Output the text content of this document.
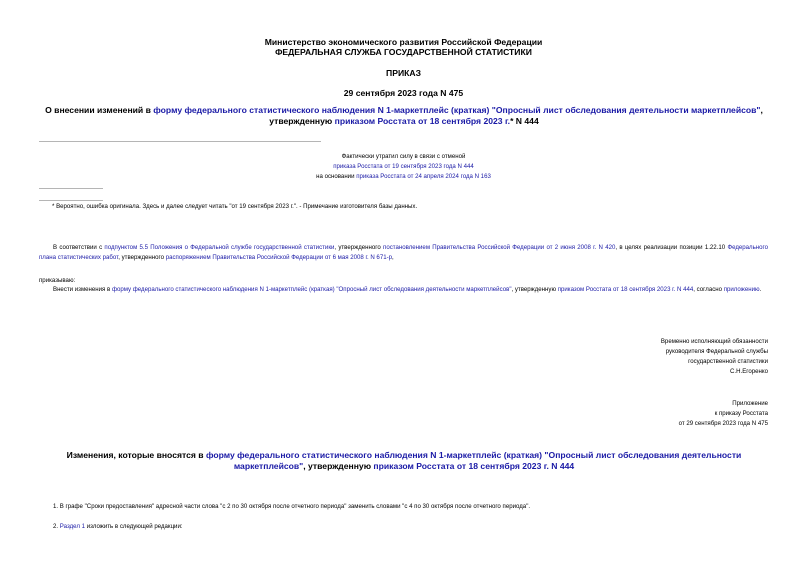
Министерство экономического развития Российской Федерации
ФЕДЕРАЛЬНАЯ СЛУЖБА ГОСУДАРСТВЕННОЙ СТАТИСТИКИ
ПРИКАЗ
29 сентября 2023 года N 475
О внесении изменений в форму федерального статистического наблюдения N 1-маркетплейс (краткая) "Опросный лист обследования деятельности маркетплейсов", утвержденную приказом Росстата от 18 сентября 2023 г.* N 444
Фактически утратил силу в связи с отменой
приказа Росстата от 19 сентября 2023 года N 444
на основании приказа Росстата от 24 апреля 2024 года N 163
* Вероятно, ошибка оригинала. Здесь и далее следует читать "от 19 сентября 2023 г.". - Примечание изготовителя базы данных.
В соответствии с подпунктом 5.5 Положения о Федеральной службе государственной статистики, утвержденного постановлением Правительства Российской Федерации от 2 июня 2008 г. N 420, в целях реализации позиции 1.22.10 Федерального плана статистических работ, утвержденного распоряжением Правительства Российской Федерации от 6 мая 2008 г. N 671-р,
приказываю:
Внести изменения в форму федерального статистического наблюдения N 1-маркетплейс (краткая) "Опросный лист обследования деятельности маркетплейсов", утвержденную приказом Росстата от 18 сентября 2023 г. N 444, согласно приложению.
Временно исполняющий обязанности
руководителя Федеральной службы
государственной статистики
С.Н.Егоренко
Приложение
к приказу Росстата
от 29 сентября 2023 года N 475
Изменения, которые вносятся в форму федерального статистического наблюдения N 1-маркетплейс (краткая) "Опросный лист обследования деятельности маркетплейсов", утвержденную приказом Росстата от 18 сентября 2023 г. N 444
1. В графе "Сроки предоставления" адресной части слова "с 2 по 30 октября после отчетного периода" заменить словами "с 4 по 30 октября после отчетного периода".
2. Раздел 1 изложить в следующей редакции:
